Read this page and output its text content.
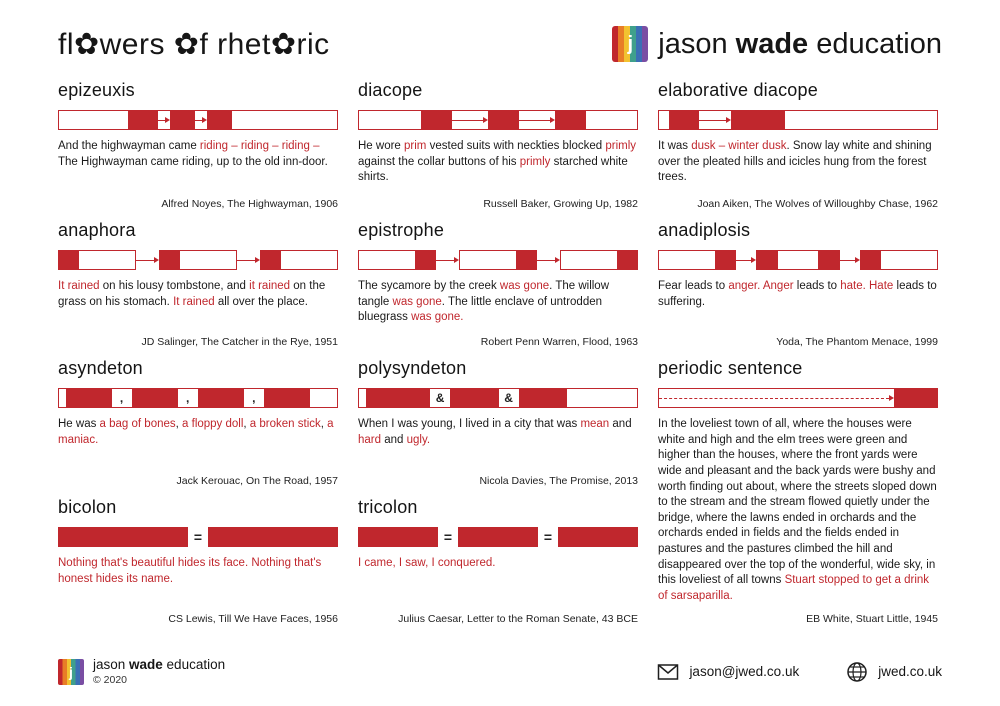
fl✿wers ✿f rhet✿ric	j jason wade education
epizeuxis

And the highwayman came riding – riding – riding – The Highwayman came riding, up to the old inn-door.

Alfred Noyes, The Highwayman, 1906
diacope

He wore prim vested suits with neckties blocked primly against the collar buttons of his primly starched white shirts.

Russell Baker, Growing Up, 1982
elaborative diacope

It was dusk – winter dusk. Snow lay white and shining over the pleated hills and icicles hung from the forest trees.

Joan Aiken, The Wolves of Willoughby Chase, 1962
anaphora

It rained on his lousy tombstone, and it rained on the grass on his stomach. It rained all over the place.

JD Salinger, The Catcher in the Rye, 1951
epistrophe

The sycamore by the creek was gone. The willow tangle was gone. The little enclave of untrodden bluegrass was gone.

Robert Penn Warren, Flood, 1963
anadiplosis

Fear leads to anger. Anger leads to hate. Hate leads to suffering.

Yoda, The Phantom Menace, 1999
asyndeton
,	,	,

He was a bag of bones, a floppy doll, a broken stick, a maniac.

Jack Kerouac, On The Road, 1957
polysyndeton
&	&

When I was young, I lived in a city that was mean and hard and ugly.

Nicola Davies, The Promise, 2013
periodic sentence

In the loveliest town of all, where the houses were white and high and the elm trees were green and higher than the houses, where the front yards were wide and pleasant and the back yards were bushy and worth finding out about, where the streets sloped down to the stream and the stream flowed quietly under the bridge, where the lawns ended in orchards and the orchards ended in fields and the fields ended in pastures and the pastures climbed the hill and disappeared over the top of the wonderful, wide sky, in this loveliest of all towns Stuart stopped to get a drink of sarsaparilla.

EB White, Stuart Little, 1945
bicolon
=

Nothing that's beautiful hides its face. Nothing that's honest hides its name.

CS Lewis, Till We Have Faces, 1956
tricolon
=	=

I came, I saw, I conquered.

Julius Caesar, Letter to the Roman Senate, 43 BCE
j jason wade education
© 2020
jason@jwed.co.uk	jwed.co.uk
